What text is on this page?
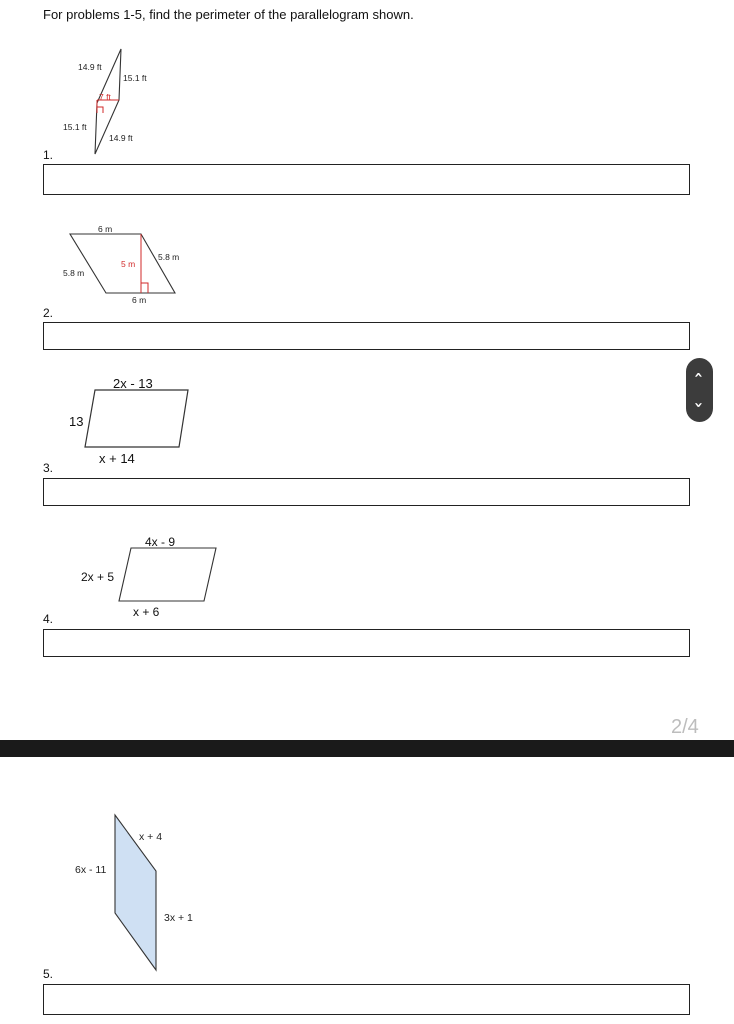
For problems 1-5, find the perimeter of the parallelogram shown.
14.9 ft
15.1 ft
7 ft
15.1 ft
14.9 ft
1.
6 m
5.8 m
5 m
5.8 m
6 m
2.
2x - 13
13
x + 14
3.
4x - 9
2x + 5
x + 6
4.
2/4
x + 4
6x - 11
3x + 1
5.
‹
›
